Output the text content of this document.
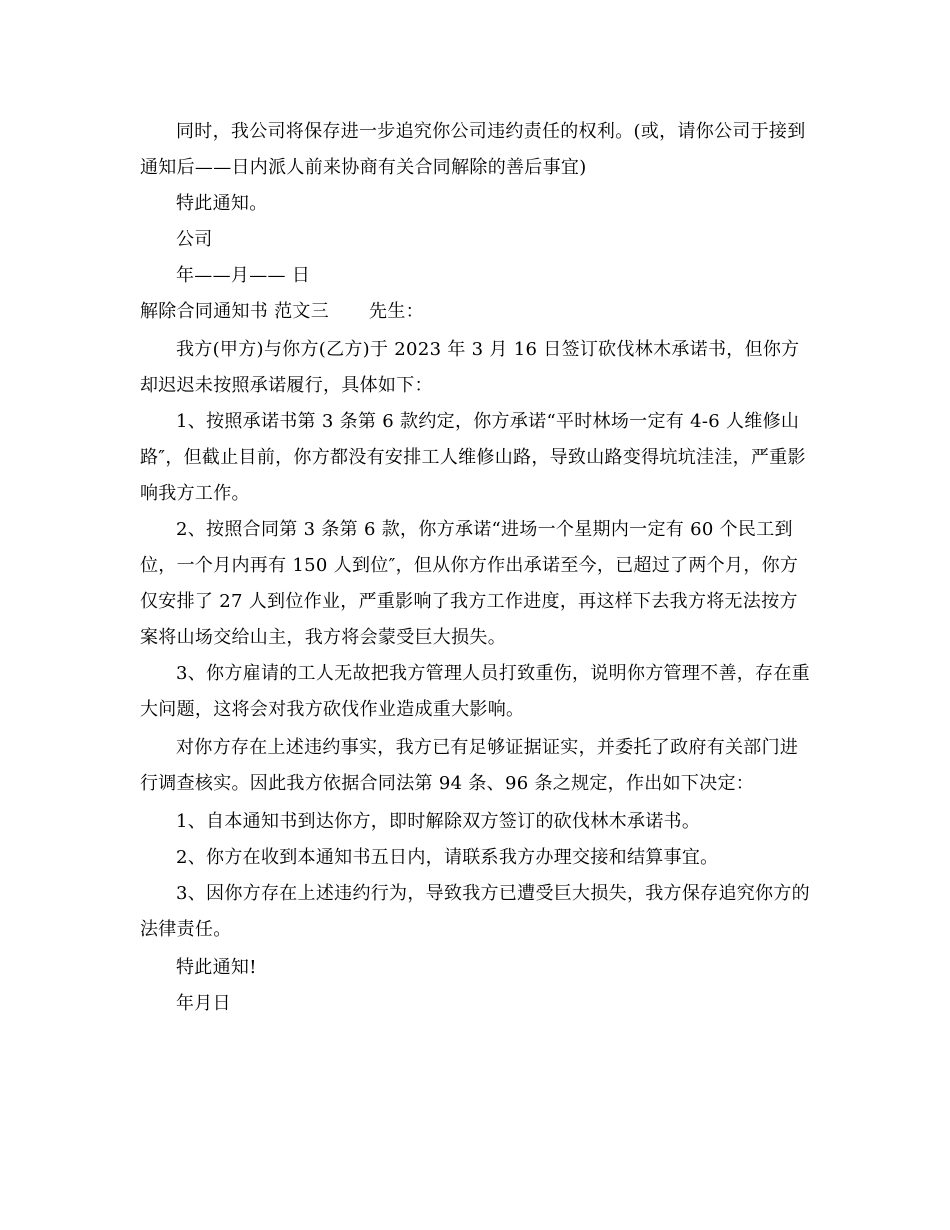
同时，我公司将保存进一步追究你公司违约责任的权利。(或，请你公司于接到通知后——日内派人前来协商有关合同解除的善后事宜)

特此通知。

公司

年——月—— 日

解除合同通知书 范文三 先生：

我方(甲方)与你方(乙方)于 2023 年 3 月 16 日签订砍伐林木承诺书，但你方却迟迟未按照承诺履行，具体如下：

1、按照承诺书第 3 条第 6 款约定，你方承诺“平时林场一定有 4-6 人维修山路″，但截止目前，你方都没有安排工人维修山路，导致山路变得坑坑洼洼，严重影响我方工作。

2、按照合同第 3 条第 6 款，你方承诺“进场一个星期内一定有 60 个民工到位，一个月内再有 150 人到位″，但从你方作出承诺至今，已超过了两个月，你方仅安排了 27 人到位作业，严重影响了我方工作进度，再这样下去我方将无法按方案将山场交给山主，我方将会蒙受巨大损失。

3、你方雇请的工人无故把我方管理人员打致重伤，说明你方管理不善，存在重大问题，这将会对我方砍伐作业造成重大影响。

对你方存在上述违约事实，我方已有足够证据证实，并委托了政府有关部门进行调查核实。因此我方依据合同法第 94 条、96 条之规定，作出如下决定：

1、自本通知书到达你方，即时解除双方签订的砍伐林木承诺书。

2、你方在收到本通知书五日内，请联系我方办理交接和结算事宜。

3、因你方存在上述违约行为，导致我方已遭受巨大损失，我方保存追究你方的法律责任。

特此通知!

年月日
